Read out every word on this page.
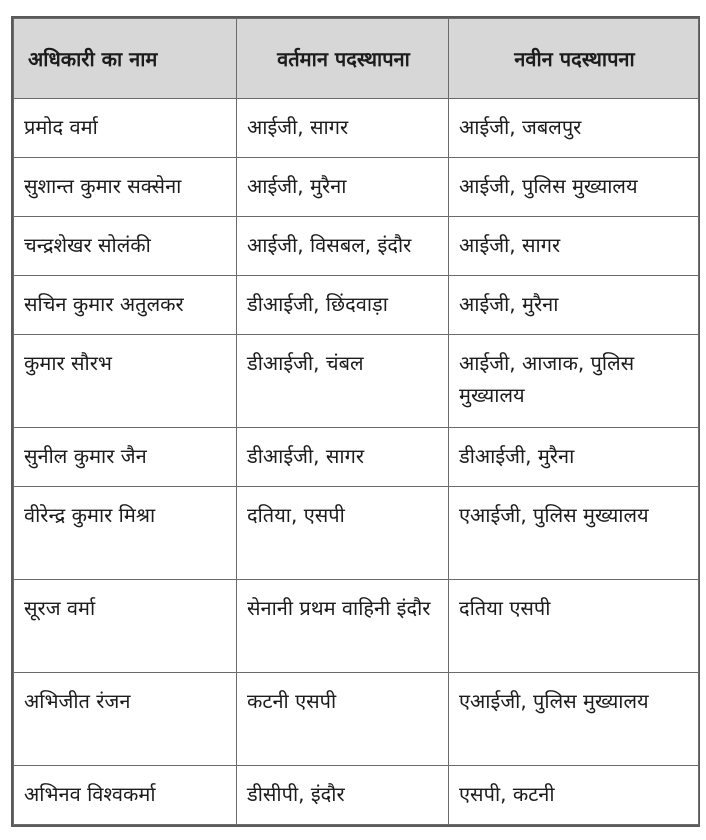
अधिकारी का नाम	वर्तमान पदस्थापना	नवीन पदस्थापना
प्रमोद वर्मा	आईजी, सागर	आईजी, जबलपुर
सुशान्त कुमार सक्सेना	आईजी, मुरैना	आईजी, पुलिस मुख्यालय
चन्द्रशेखर सोलंकी	आईजी, विसबल, इंदौर	आईजी, सागर
सचिन कुमार अतुलकर	डीआईजी, छिंदवाड़ा	आईजी, मुरैना
कुमार सौरभ	डीआईजी, चंबल	आईजी, आजाक, पुलिस मुख्यालय
सुनील कुमार जैन	डीआईजी, सागर	डीआईजी, मुरैना
वीरेन्द्र कुमार मिश्रा	दतिया, एसपी	एआईजी, पुलिस मुख्यालय
सूरज वर्मा	सेनानी प्रथम वाहिनी इंदौर	दतिया एसपी
अभिजीत रंजन	कटनी एसपी	एआईजी, पुलिस मुख्यालय
अभिनव विश्वकर्मा	डीसीपी, इंदौर	एसपी, कटनी
